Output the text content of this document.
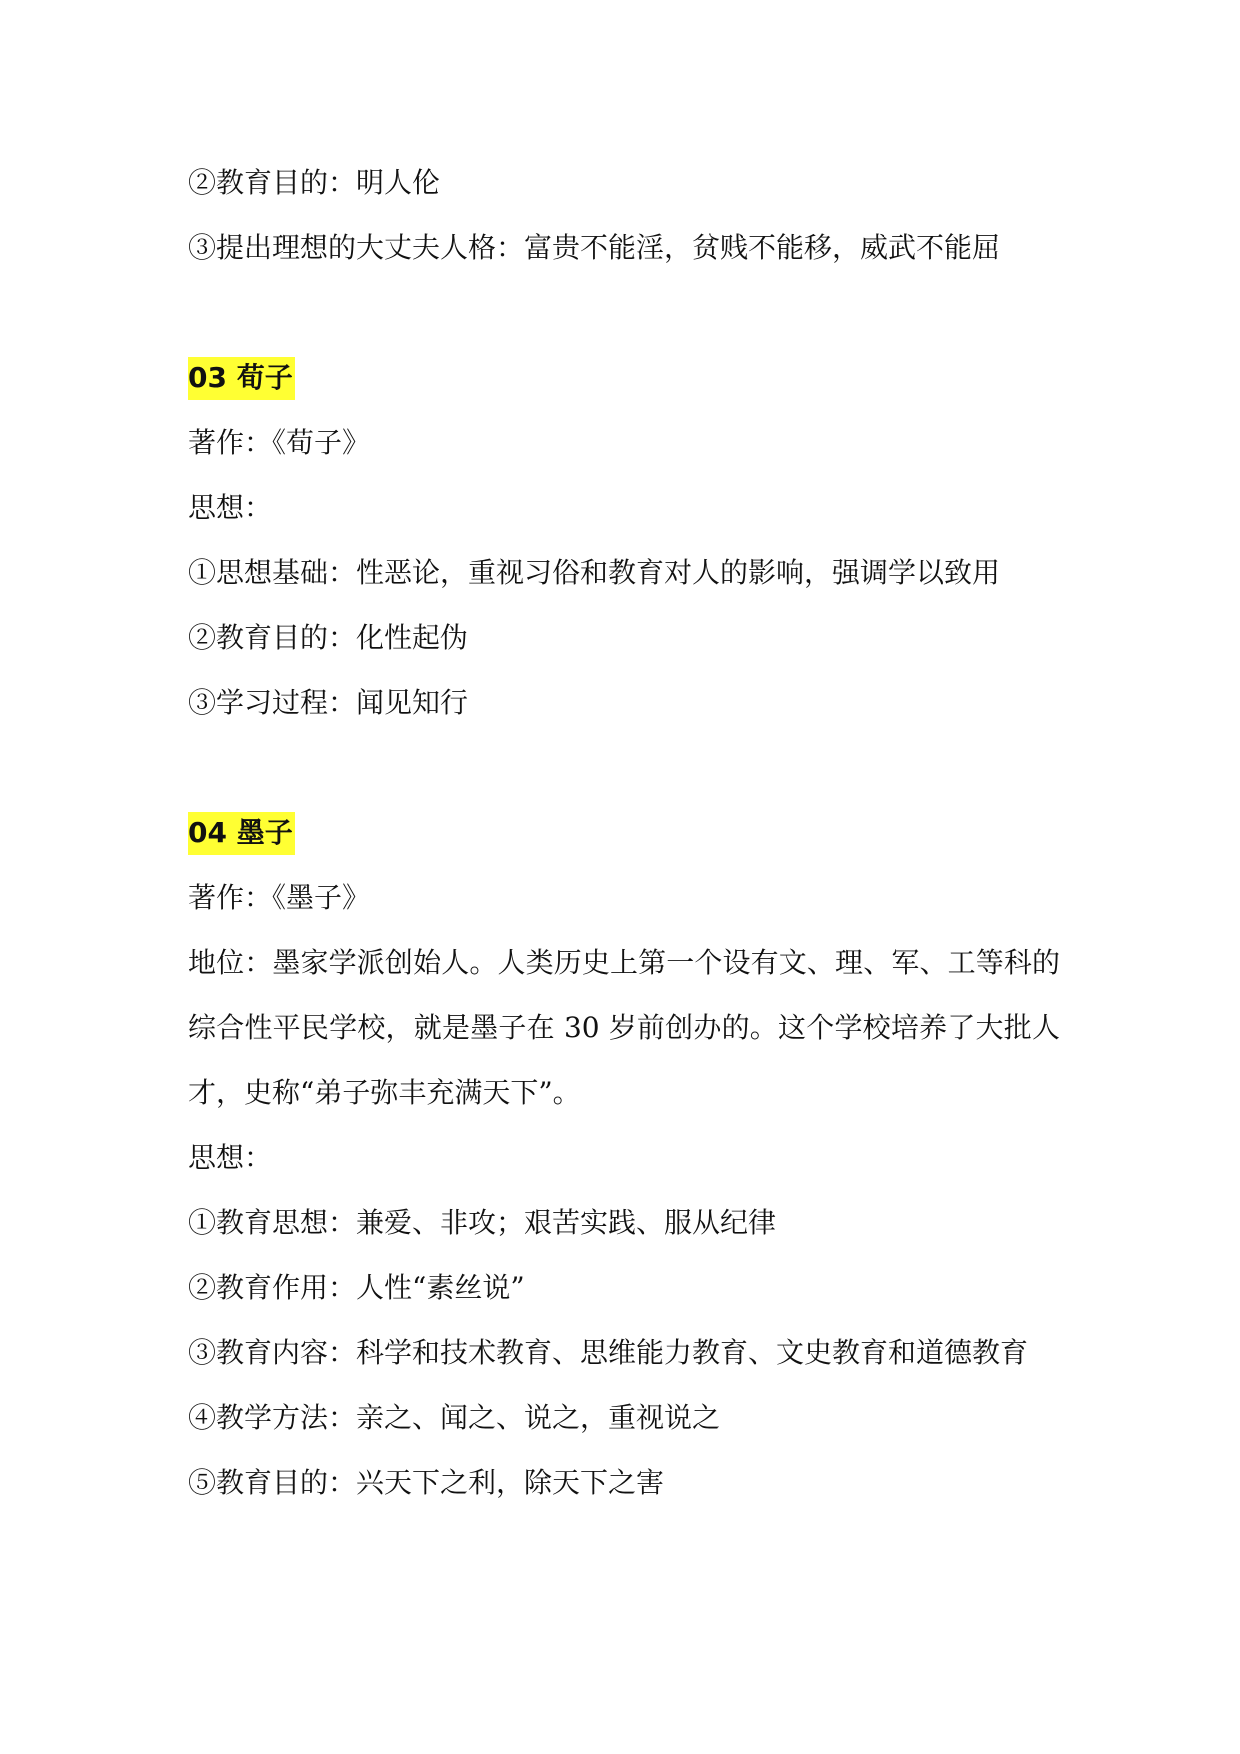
②教育目的：明人伦

③提出理想的大丈夫人格：富贵不能淫，贫贱不能移，威武不能屈

03 荀子

著作：《荀子》

思想：

①思想基础：性恶论，重视习俗和教育对人的影响，强调学以致用

②教育目的：化性起伪

③学习过程：闻见知行

04 墨子

著作：《墨子》

地位：墨家学派创始人。人类历史上第一个设有文、理、军、工等科的综合性平民学校，就是墨子在 30 岁前创办的。这个学校培养了大批人才，史称“弟子弥丰充满天下”。

思想：

①教育思想：兼爱、非攻；艰苦实践、服从纪律

②教育作用：人性“素丝说”

③教育内容：科学和技术教育、思维能力教育、文史教育和道德教育

④教学方法：亲之、闻之、说之，重视说之

⑤教育目的：兴天下之利，除天下之害
